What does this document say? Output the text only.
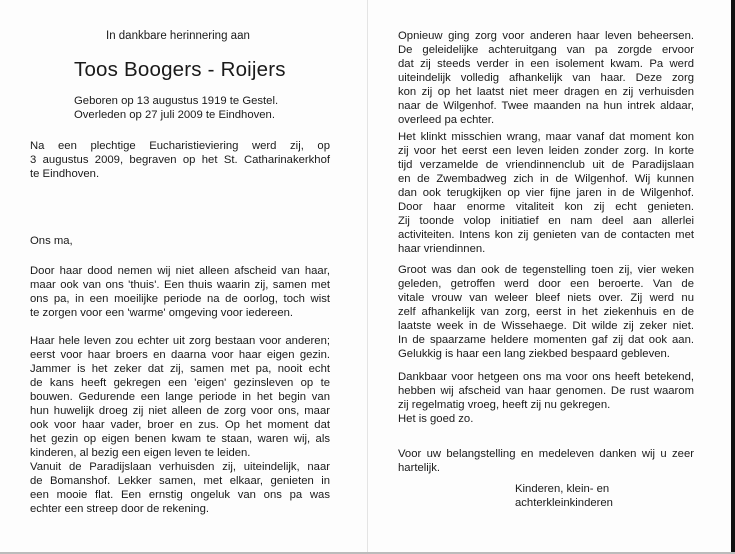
In dankbare herinnering aan
Toos Boogers - Roijers
Geboren op 13 augustus 1919 te Gestel.
Overleden op 27 juli 2009 te Eindhoven.
Na een plechtige Eucharistieviering werd zij, op
3 augustus 2009, begraven op het St. Catharinakerkhof
te Eindhoven.
Ons ma,
Door haar dood nemen wij niet alleen afscheid van haar,
maar ook van ons 'thuis'. Een thuis waarin zij, samen met
ons pa, in een moeilijke periode na de oorlog, toch wist
te zorgen voor een 'warme' omgeving voor iedereen.
Haar hele leven zou echter uit zorg bestaan voor anderen;
eerst voor haar broers en daarna voor haar eigen gezin.
Jammer is het zeker dat zij, samen met pa, nooit echt
de kans heeft gekregen een 'eigen' gezinsleven op te
bouwen. Gedurende een lange periode in het begin van
hun huwelijk droeg zij niet alleen de zorg voor ons, maar
ook voor haar vader, broer en zus. Op het moment dat
het gezin op eigen benen kwam te staan, waren wij, als
kinderen, al bezig een eigen leven te leiden.
Vanuit de Paradijslaan verhuisden zij, uiteindelijk, naar
de Bomanshof. Lekker samen, met elkaar, genieten in
een mooie flat. Een ernstig ongeluk van ons pa was
echter een streep door de rekening.
Opnieuw ging zorg voor anderen haar leven beheersen.
De geleidelijke achteruitgang van pa zorgde ervoor
dat zij steeds verder in een isolement kwam. Pa werd
uiteindelijk volledig afhankelijk van haar. Deze zorg
kon zij op het laatst niet meer dragen en zij verhuisden
naar de Wilgenhof. Twee maanden na hun intrek aldaar,
overleed pa echter.
Het klinkt misschien wrang, maar vanaf dat moment kon
zij voor het eerst een leven leiden zonder zorg. In korte
tijd verzamelde de vriendinnenclub uit de Paradijslaan
en de Zwembadweg zich in de Wilgenhof. Wij kunnen
dan ook terugkijken op vier fijne jaren in de Wilgenhof.
Door haar enorme vitaliteit kon zij echt genieten.
Zij toonde volop initiatief en nam deel aan allerlei
activiteiten. Intens kon zij genieten van de contacten met
haar vriendinnen.
Groot was dan ook de tegenstelling toen zij, vier weken
geleden, getroffen werd door een beroerte. Van de
vitale vrouw van weleer bleef niets over. Zij werd nu
zelf afhankelijk van zorg, eerst in het ziekenhuis en de
laatste week in de Wissehaege. Dit wilde zij zeker niet.
In de spaarzame heldere momenten gaf zij dat ook aan.
Gelukkig is haar een lang ziekbed bespaard gebleven.
Dankbaar voor hetgeen ons ma voor ons heeft betekend,
hebben wij afscheid van haar genomen. De rust waarom
zij regelmatig vroeg, heeft zij nu gekregen.
Het is goed zo.
Voor uw belangstelling en medeleven danken wij u zeer
hartelijk.
Kinderen, klein- en
achterkleinkinderen
